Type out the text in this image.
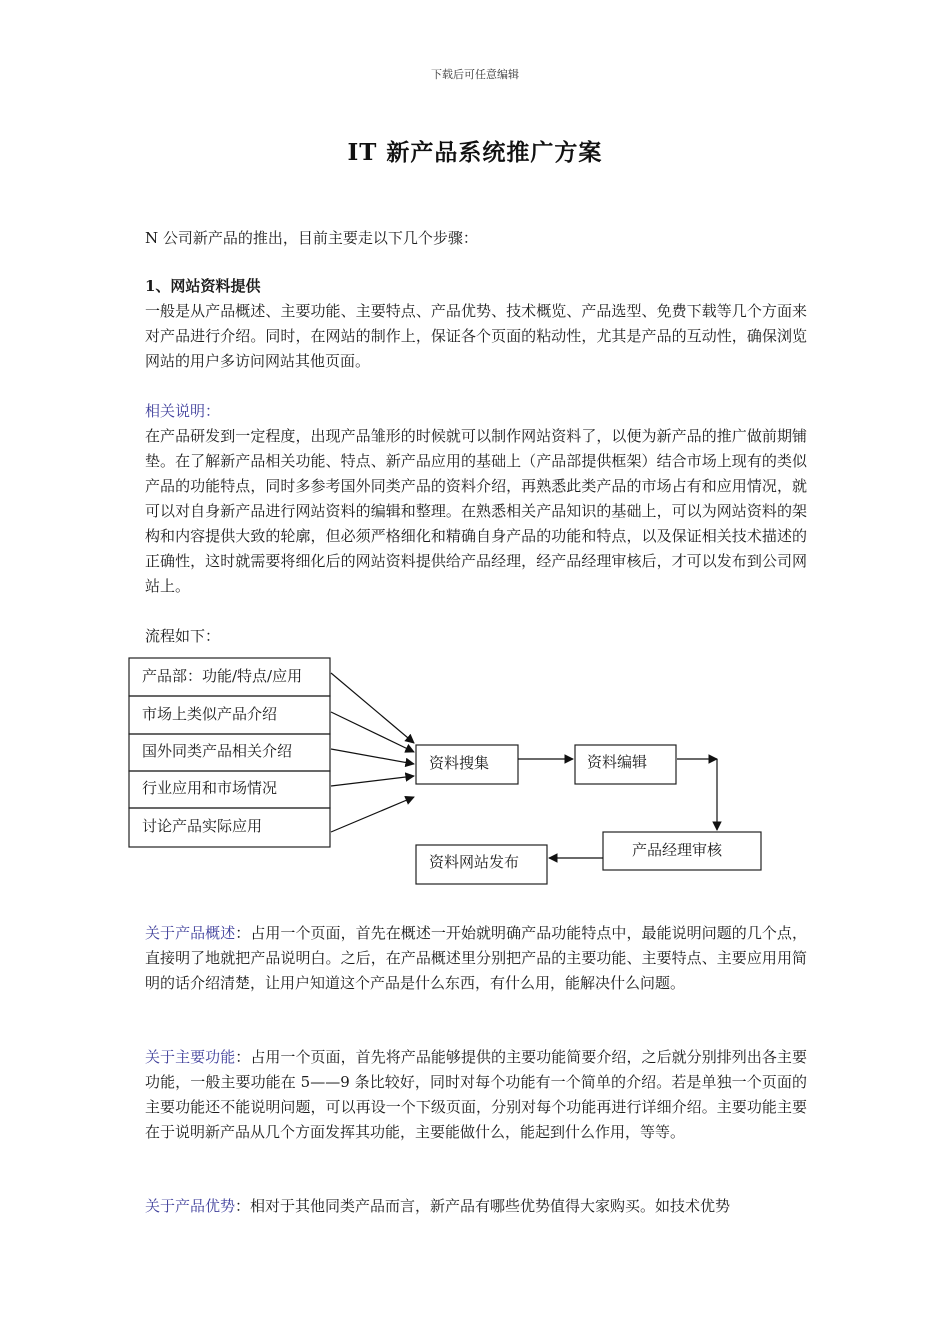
下载后可任意编辑
IT 新产品系统推广方案
N 公司新产品的推出，目前主要走以下几个步骤：
1、网站资料提供
一般是从产品概述、主要功能、主要特点、产品优势、技术概览、产品选型、免费下载等几个方面来对产品进行介绍。同时，在网站的制作上，保证各个页面的粘动性，尤其是产品的互动性，确保浏览网站的用户多访问网站其他页面。
相关说明：
在产品研发到一定程度，出现产品雏形的时候就可以制作网站资料了，以便为新产品的推广做前期铺垫。在了解新产品相关功能、特点、新产品应用的基础上（产品部提供框架）结合市场上现有的类似产品的功能特点，同时多参考国外同类产品的资料介绍，再熟悉此类产品的市场占有和应用情况，就可以对自身新产品进行网站资料的编辑和整理。在熟悉相关产品知识的基础上，可以为网站资料的架构和内容提供大致的轮廓，但必须严格细化和精确自身产品的功能和特点，以及保证相关技术描述的正确性，这时就需要将细化后的网站资料提供给产品经理，经产品经理审核后，才可以发布到公司网站上。
流程如下：
产品部：功能/特点/应用
市场上类似产品介绍
国外同类产品相关介绍
行业应用和市场情况
讨论产品实际应用
资料搜集	资料编辑
产品经理审核
资料网站发布
关于产品概述：占用一个页面，首先在概述一开始就明确产品功能特点中，最能说明问题的几个点，直接明了地就把产品说明白。之后，在产品概述里分别把产品的主要功能、主要特点、主要应用用简明的话介绍清楚，让用户知道这个产品是什么东西，有什么用，能解决什么问题。
关于主要功能：占用一个页面，首先将产品能够提供的主要功能简要介绍，之后就分别排列出各主要功能，一般主要功能在 5——9 条比较好，同时对每个功能有一个简单的介绍。若是单独一个页面的主要功能还不能说明问题，可以再设一个下级页面，分别对每个功能再进行详细介绍。主要功能主要在于说明新产品从几个方面发挥其功能，主要能做什么，能起到什么作用，等等。
关于产品优势：相对于其他同类产品而言，新产品有哪些优势值得大家购买。如技术优势
